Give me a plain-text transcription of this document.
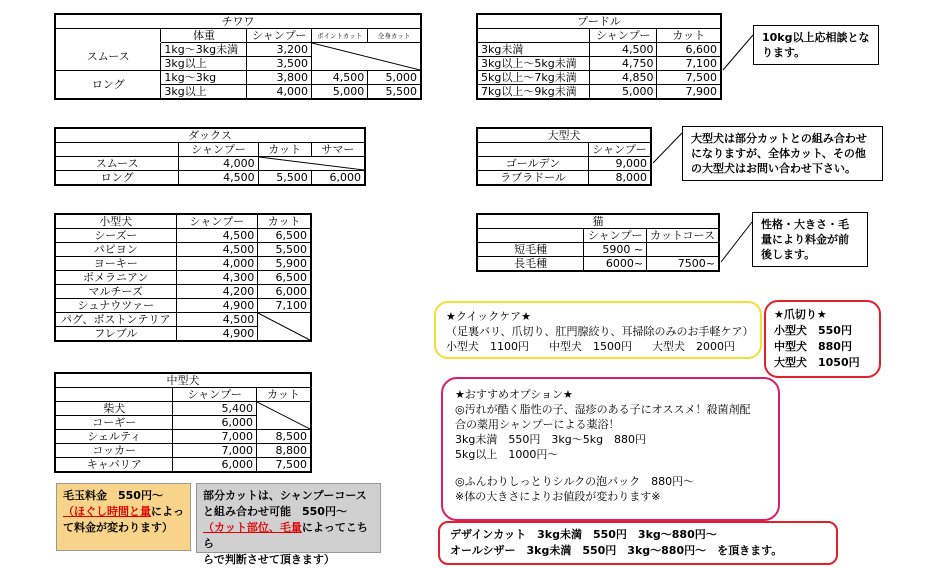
チワワ				
	体重	シャンプー	ポイントカット	全身カット
スムース	1kg～3kg未満	3,200	

	3kg以上	3,500		
ロング	1kg～3kg	3,800	4,500	5,000
	3kg以上	4,000	5,000	5,500
プードル		
	シャンプー	カット
3kg未満	4,500	6,600
3kg以上～5kg未満	4,750	7,100
5kg以上～7kg未満	4,850	7,500
7kg以上～9kg未満	5,000	7,900
10kg以上応相談となります。
ダックス			
	シャンプー	カット	サマー
スムース	4,000	

ロング	4,500	5,500	6,000
大型犬	
	シャンプー
ゴールデン	9,000
ラブラドール	8,000
大型犬は部分カットとの組み合わせになりますが、全体カット、その他の大型犬はお問い合わせ下さい。
小型犬	シャンプー	カット
シーズー	4,500	6,500
パピヨン	4,500	5,500
ヨーキー	4,000	5,900
ポメラニアン	4,300	6,500
マルチーズ	4,200	6,000
シュナウツァー	4,900	7,100
パグ、ボストンテリア	4,500	

フレブル	4,900	
猫		
	シャンプー	カットコース
短毛種	5900 ~	
長毛種	6000~	7500~
性格・大きさ・毛量により料金が前後します。
中型犬		
	シャンプー	カット
柴犬	5,400	

コーギー	6,000	
シェルティ	7,000	8,500
コッカー	7,000	8,800
キャバリア	6,000	7,500
★クイックケア★
（足裏バリ、爪切り、肛門腺絞り、耳掃除のみのお手軽ケア）
小型犬　1100円 中型犬　1500円 大型犬　2000円
★爪切り★
小型犬　550円
中型犬　880円
大型犬　1050円
★おすすめオプション★
◎汚れが酷く脂性の子、湿疹のある子にオススメ！殺菌剤配
合の薬用シャンプーによる薬浴！
3kg未満　550円　3kg～5kg　880円
5kg以上　1000円～
◎ふんわりしっとりシルクの泡パック　880円～
※体の大きさによりお値段が変わります※
デザインカット　3kg未満　550円　3kg～880円～
オールシザー　3kg未満　550円　3kg～880円～　を頂きます。
毛玉料金　550円～
（ほぐし時間と量によっ
て料金が変わります）
部分カットは、シャンプーコース
と組み合わせ可能　550円～
（カット部位、毛量によってこちら
らで判断させて頂きます）
